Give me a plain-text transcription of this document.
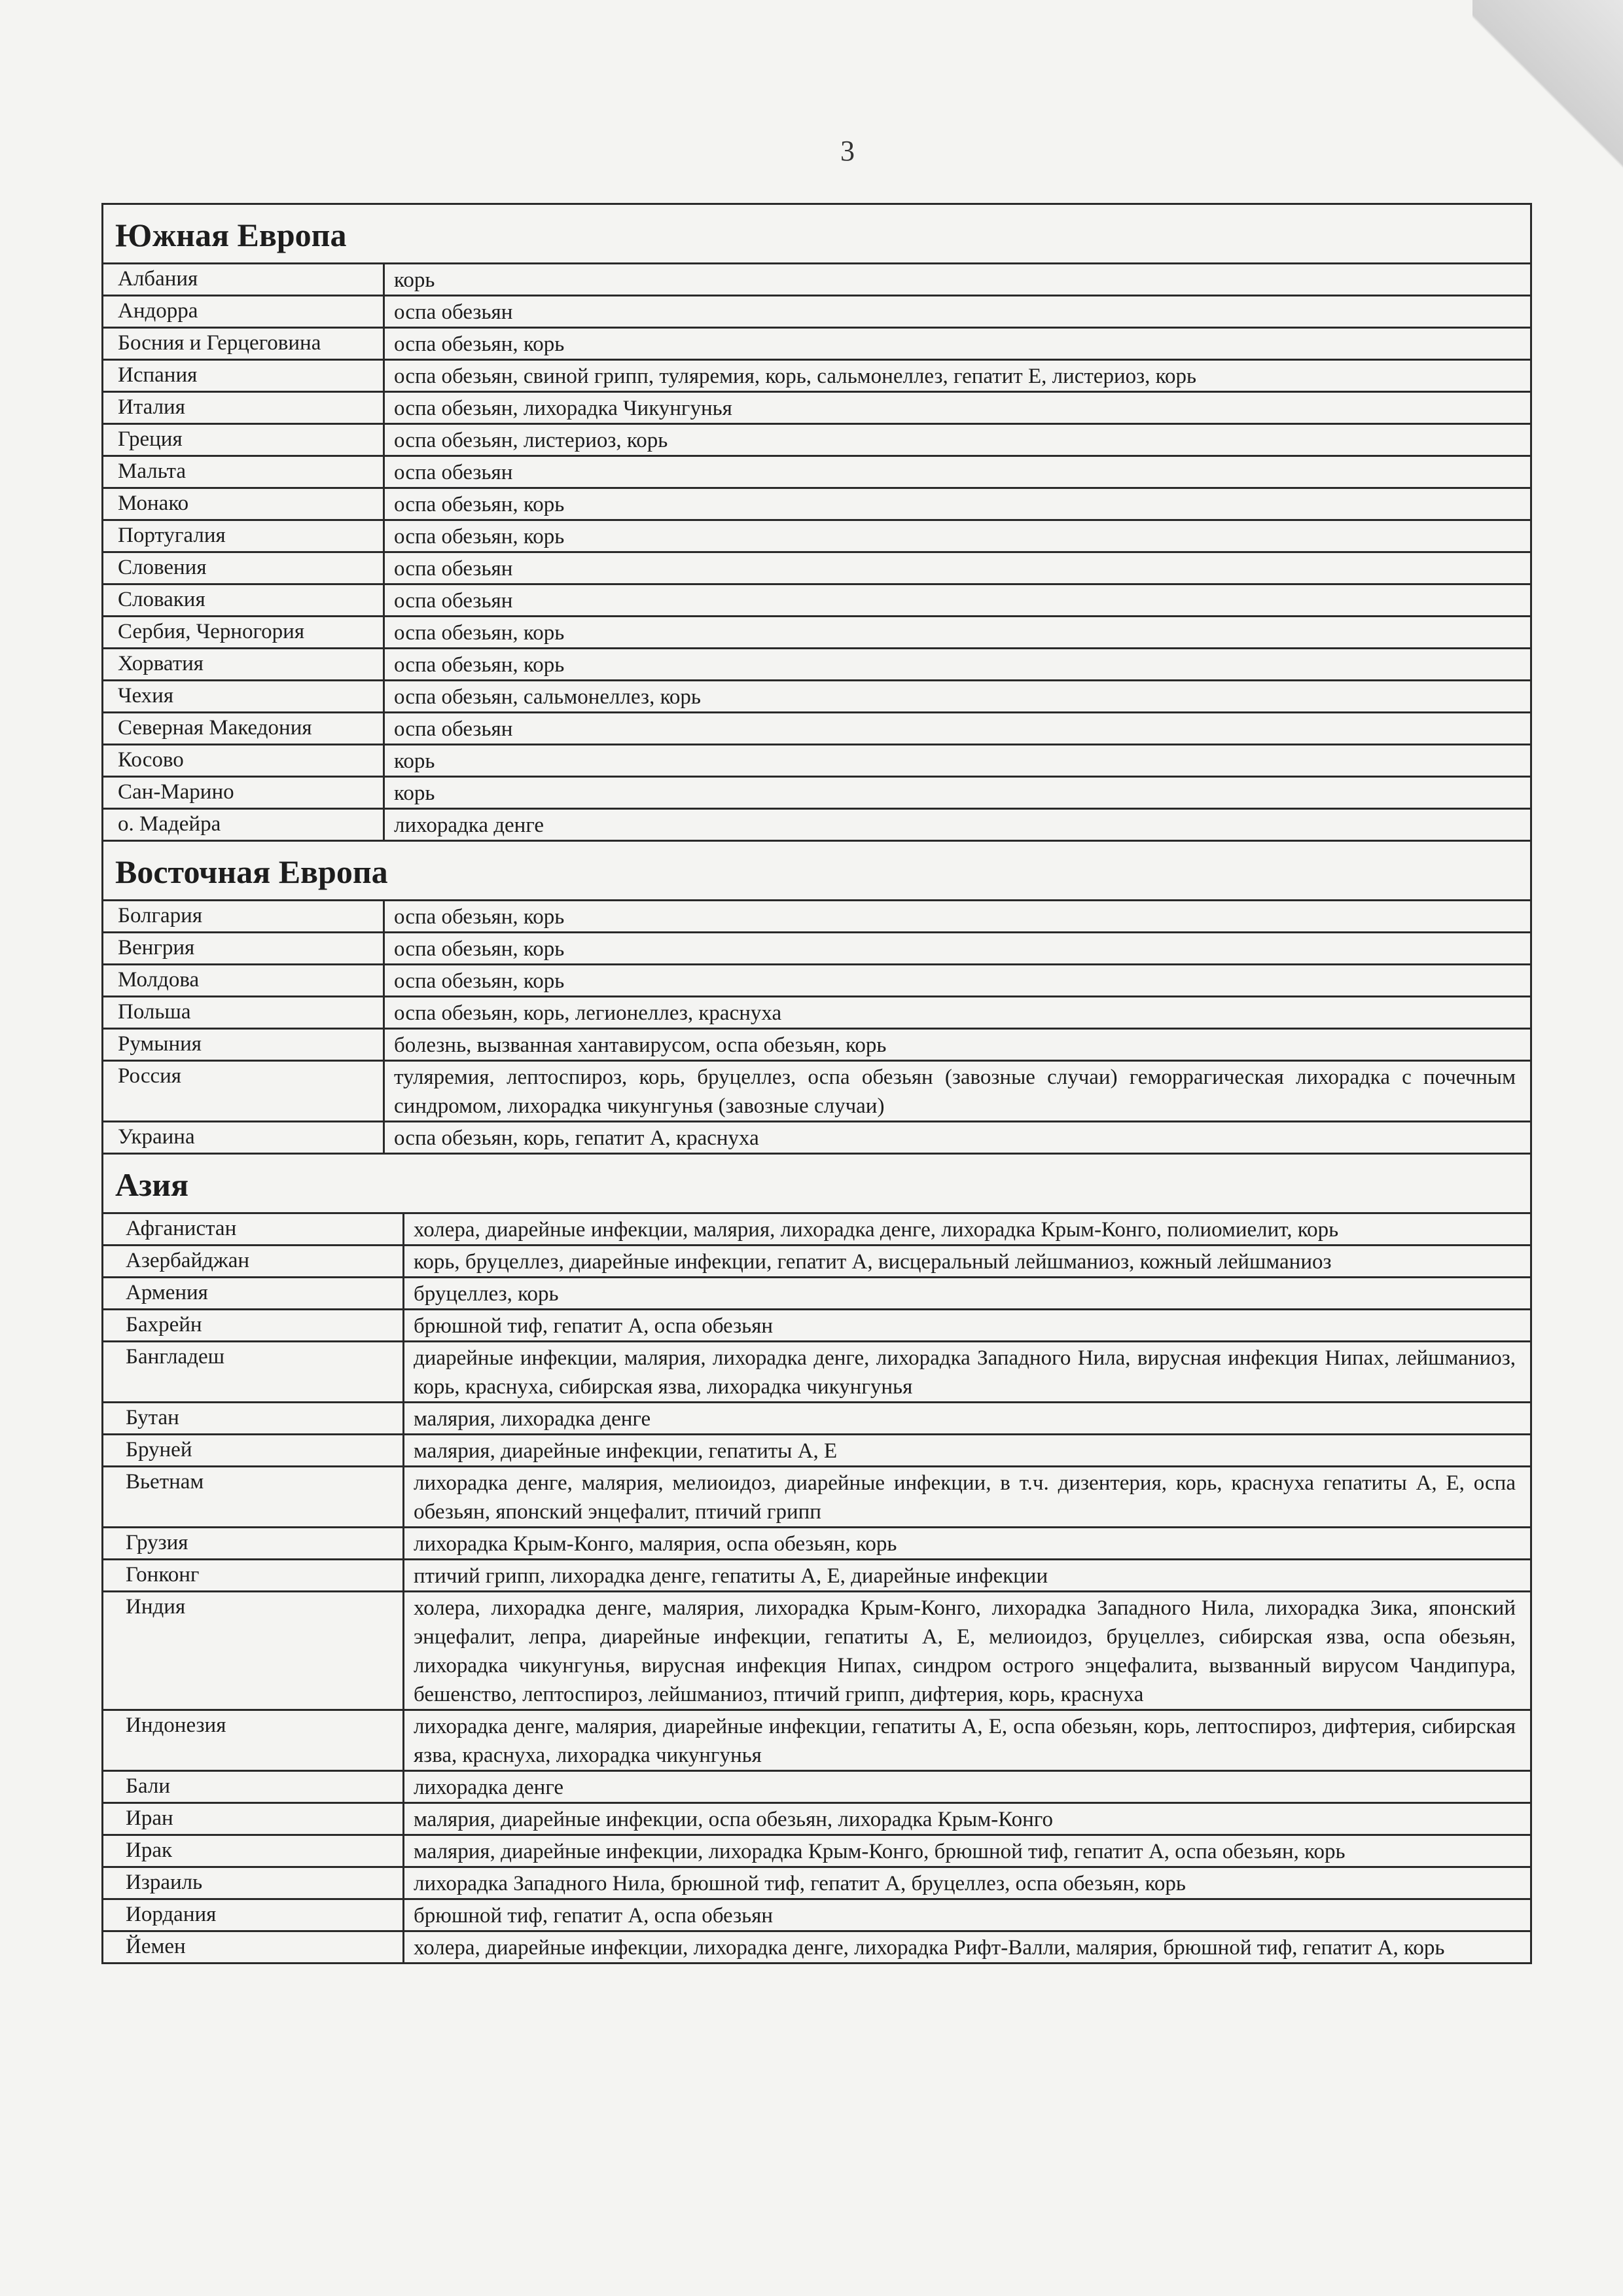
3
Южная Европа
Албания	корь
Андорра	оспа обезьян
Босния и Герцеговина	оспа обезьян, корь
Испания	оспа обезьян, свиной грипп, туляремия, корь, сальмонеллез, гепатит Е, листериоз, корь
Италия	оспа обезьян, лихорадка Чикунгунья
Греция	оспа обезьян, листериоз, корь
Мальта	оспа обезьян
Монако	оспа обезьян, корь
Португалия	оспа обезьян, корь
Словения	оспа обезьян
Словакия	оспа обезьян
Сербия, Черногория	оспа обезьян, корь
Хорватия	оспа обезьян, корь
Чехия	оспа обезьян, сальмонеллез, корь
Северная Македония	оспа обезьян
Косово	корь
Сан-Марино	корь
о. Мадейра	лихорадка денге
Восточная Европа
Болгария	оспа обезьян, корь
Венгрия	оспа обезьян, корь
Молдова	оспа обезьян, корь
Польша	оспа обезьян, корь, легионеллез, краснуха
Румыния	болезнь, вызванная хантавирусом, оспа обезьян, корь
Россия	туляремия, лептоспироз, корь, бруцеллез, оспа обезьян (завозные случаи) геморрагическая лихорадка с почечным синдромом, лихорадка чикунгунья (завозные случаи)
Украина	оспа обезьян, корь, гепатит А, краснуха
Азия
Афганистан	холера, диарейные инфекции, малярия, лихорадка денге, лихорадка Крым-Конго, полиомиелит, корь
Азербайджан	корь, бруцеллез, диарейные инфекции, гепатит А, висцеральный лейшманиоз, кожный лейшманиоз
Армения	бруцеллез, корь
Бахрейн	брюшной тиф, гепатит А, оспа обезьян
Бангладеш	диарейные инфекции, малярия, лихорадка денге, лихорадка Западного Нила, вирусная инфекция Нипах, лейшманиоз, корь, краснуха, сибирская язва, лихорадка чикунгунья
Бутан	малярия, лихорадка денге
Бруней	малярия, диарейные инфекции, гепатиты А, Е
Вьетнам	лихорадка денге, малярия, мелиоидоз, диарейные инфекции, в т.ч. дизентерия, корь, краснуха гепатиты А, Е, оспа обезьян, японский энцефалит, птичий грипп
Грузия	лихорадка Крым-Конго, малярия, оспа обезьян, корь
Гонконг	птичий грипп, лихорадка денге, гепатиты А, Е, диарейные инфекции
Индия	холера, лихорадка денге, малярия, лихорадка Крым-Конго, лихорадка Западного Нила, лихорадка Зика, японский энцефалит, лепра, диарейные инфекции, гепатиты А, Е, мелиоидоз, бруцеллез, сибирская язва, оспа обезьян, лихорадка чикунгунья, вирусная инфекция Нипах, синдром острого энцефалита, вызванный вирусом Чандипура, бешенство, лептоспироз, лейшманиоз, птичий грипп, дифтерия, корь, краснуха
Индонезия	лихорадка денге, малярия, диарейные инфекции, гепатиты А, Е, оспа обезьян, корь, лептоспироз, дифтерия, сибирская язва, краснуха, лихорадка чикунгунья
Бали	лихорадка денге
Иран	малярия, диарейные инфекции, оспа обезьян, лихорадка Крым-Конго
Ирак	малярия, диарейные инфекции, лихорадка Крым-Конго, брюшной тиф, гепатит А, оспа обезьян, корь
Израиль	лихорадка Западного Нила, брюшной тиф, гепатит А, бруцеллез, оспа обезьян, корь
Иордания	брюшной тиф, гепатит А, оспа обезьян
Йемен	холера, диарейные инфекции, лихорадка денге, лихорадка Рифт-Валли, малярия, брюшной тиф, гепатит А, корь
